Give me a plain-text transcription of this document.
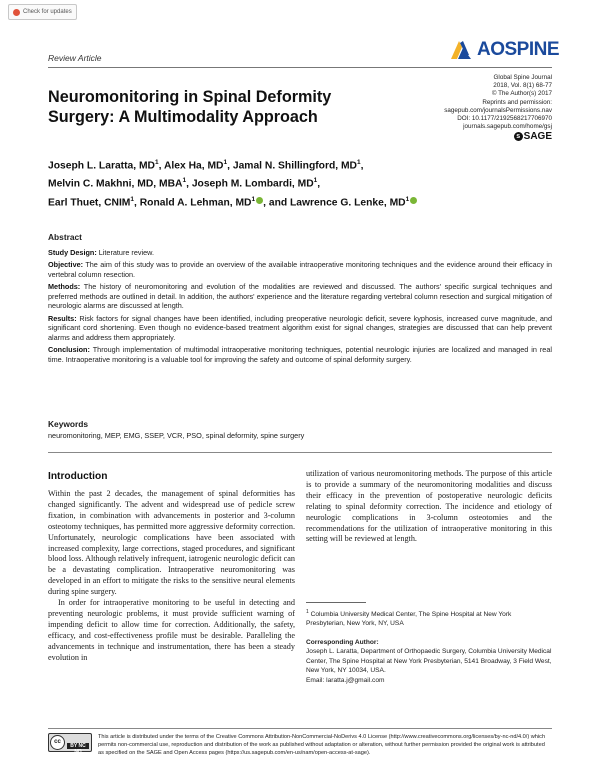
Check for updates
Review Article	AOSPINE
Global Spine Journal
2018, Vol. 8(1) 68-77
© The Author(s) 2017
Reprints and permission:
sagepub.com/journalsPermissions.nav
DOI: 10.1177/2192568217706970
journals.sagepub.com/home/gsj
s SAGE
Neuromonitoring in Spinal Deformity Surgery: A Multimodality Approach
Joseph L. Laratta, $MD^1$, Alex Ha, $MD^1$, Jamal N. Shillingford, $MD^1$,
Melvin C. Makhni, MD, MBA$^1$, Joseph M. Lombardi, $MD^1$,
Earl Thuet, CNIM$^1$, Ronald A. Lehman, $MD^1$ , and Lawrence G. Lenke, $MD^1$
Abstract

Study Design: Literature review.

Objective: The aim of this study was to provide an overview of the available intraoperative monitoring techniques and the evidence around their efficacy in vertebral column resection.

Methods: The history of neuromonitoring and evolution of the modalities are reviewed and discussed. The authors' specific surgical techniques and preferred methods are outlined in detail. In addition, the authors' experience and the literature regarding vertebral column resection and surgical mitigation of neurologic alarms are discussed at length.

Results: Risk factors for signal changes have been identified, including preoperative neurologic deficit, severe kyphosis, increased curve magnitude, and significant cord shortening. Even though no evidence-based treatment algorithm exist for signal changes, strategies are discussed that can help prevent alarms and address them appropriately.

Conclusion: Through implementation of multimodal intraoperative monitoring techniques, potential neurologic injuries are localized and managed in real time. Intraoperative monitoring is a valuable tool for improving the safety and outcome of spinal deformity surgery.

Keywords
neuromonitoring, MEP, EMG, SSEP, VCR, PSO, spinal deformity, spine surgery
Introduction

Within the past 2 decades, the management of spinal deformities has changed significantly. The advent and widespread use of pedicle screw fixation, in combination with advancements in posterior and 3-column osteotomy techniques, has permitted more aggressive deformity correction. Unfortunately, neurologic complications have been associated with increased complexity, large corrections, staged procedures, and significant blood loss. Although relatively infrequent, iatrogenic neurologic deficit can be a devastating complication. Intraoperative neuromonitoring was developed in an effort to mitigate the risks to the sensitive neural elements during spine surgery.

In order for intraoperative monitoring to be useful in detecting and preventing neurologic problems, it must provide sufficient warning of impending deficit to allow time for correction. Additionally, the safety, efficacy, and cost-effectiveness profile must be desirable. Paralleling the advancements in technique and instrumentation, there has been a steady evolution in

utilization of various neuromonitoring methods. The purpose of this article is to provide a summary of the neuromonitoring modalities and discuss their efficacy in the prevention of postoperative neurologic deficits relating to spinal deformity correction. The incidence and etiology of neurologic complications in 3-column osteotomies and the recommendations for the utilization of intraoperative monitoring in this setting will be reviewed at length.

$^1$ Columbia University Medical Center, The Spine Hospital at New York Presbyterian, New York, NY, USA
Corresponding Author:
Joseph L. Laratta, Department of Orthopaedic Surgery, Columbia University Medical Center, The Spine Hospital at New York Presbyterian, 5141 Broadway, 3 Field West, New York, NY 10034, USA.
Email: laratta.j@gmail.com
cc
BY NC ND
This article is distributed under the terms of the Creative Commons Attribution-NonCommercial-NoDerivs 4.0 License (http://www.creativecommons.org/licenses/by-nc-nd/4.0/) which permits non-commercial use, reproduction and distribution of the work as published without adaptation or alteration, without further permission provided the original work is attributed as specified on the SAGE and Open Access pages (https://us.sagepub.com/en-us/nam/open-access-at-sage).
